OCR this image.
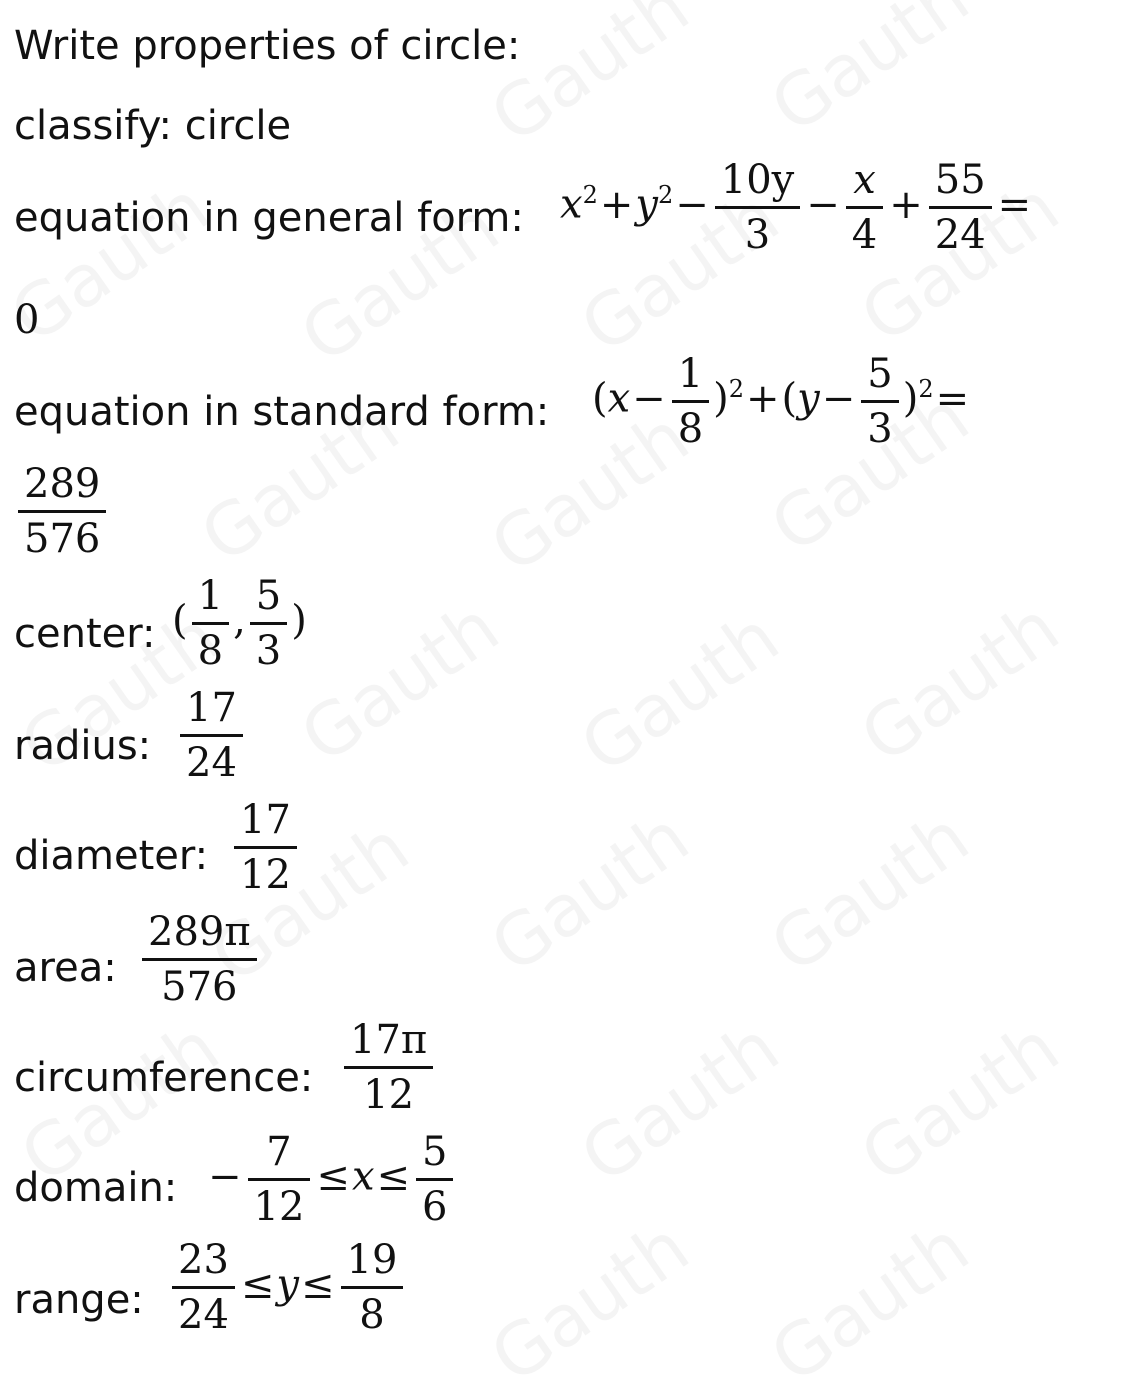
Write properties of circle:
classify: circle
equation in general form: $x^2+y^2- \frac{10y}{3} - \frac{x}{4} + \frac{55}{24}$ =
0
equation in standard form: $(x- \frac{1}{8} )^2+(y- \frac{5}{3} )^2=$
$\frac{289}{576}$
center: ( $\frac{1}{8}$ , $\frac{5}{3}$ )
radius: $\frac{17}{24}$
diameter: $\frac{17}{12}$
area: $\frac{289\pi}{576}$
circumference: $\frac{17\pi}{12}$
domain: − $\frac{7}{12} \le x\le \frac{5}{6}$
range: $\frac{23}{24} \le y\le \frac{19}{8}$
